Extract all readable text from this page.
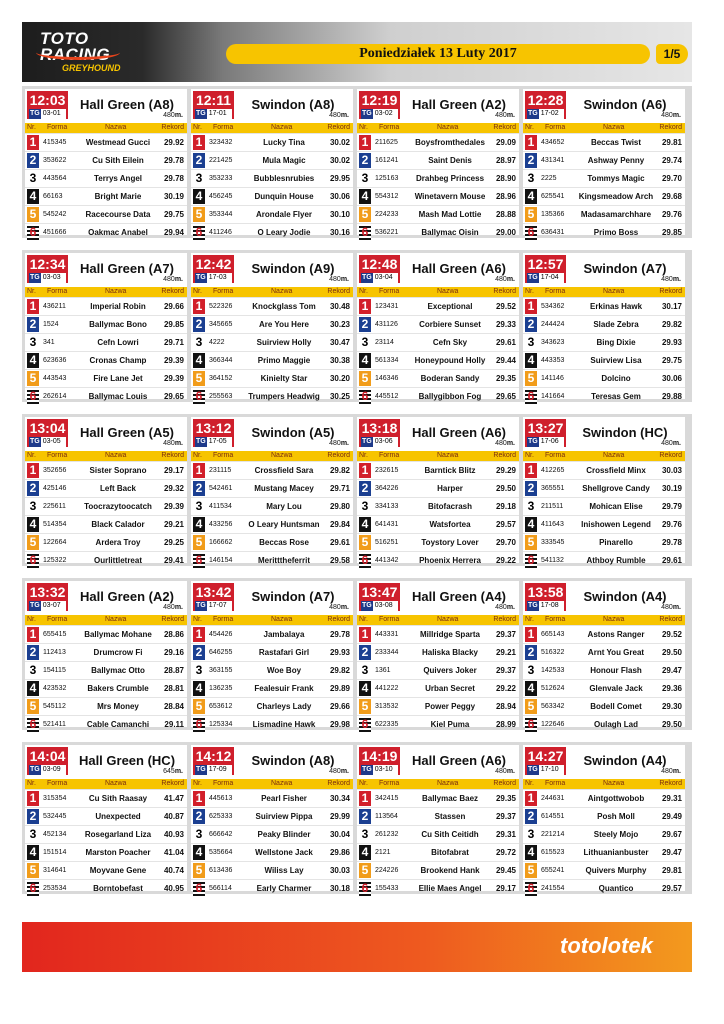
TOTO
RACING
GREYHOUND
Poniedziałek 13 Luty 2017	1/5
12:03
TG 03-01
Hall Green (A8)
480m.
Nr. Forma	Nazwa	Rekord
1 415345	Westmead Gucci	29.92
2 353622	Cu Sith Eilein	29.78
3 443564	Terrys Angel	29.78
4 66163	Bright Marie	30.19
5 545242	Racecourse Data	29.75
6 451666	Oakmac Anabel	29.94
12:11
TG 17-01
Swindon (A8)
480m.
Nr. Forma	Nazwa	Rekord
1 323432	Lucky Tina	30.02
2 221425	Mula Magic	30.02
3 353233	Bubblesnrubies	29.95
4 456245	Dunquin House	30.06
5 353344	Arondale Flyer	30.10
6 411246	O Leary Jodie	30.16
12:19
TG 03-02
Hall Green (A2)
480m.
Nr. Forma	Nazwa	Rekord
1 211625	Boysfromthedales	29.09
2 161241	Saint Denis	28.97
3 125163	Drahbeg Princess	28.90
4 554312	Winetavern Mouse	28.96
5 224233	Mash Mad Lottie	28.88
6 536221	Ballymac Oisin	29.00
12:28
TG 17-02
Swindon (A6)
480m.
Nr. Forma	Nazwa	Rekord
1 434652	Beccas Twist	29.81
2 431341	Ashway Penny	29.74
3 2225	Tommys Magic	29.70
4 625541	Kingsmeadow Arch	29.68
5 135366	Madasamarchhare	29.76
6 636431	Primo Boss	29.85
12:34
TG 03-03
Hall Green (A7)
480m.
Nr. Forma	Nazwa	Rekord
1 436211	Imperial Robin	29.66
2 1524	Ballymac Bono	29.85
3 341	Cefn Lowri	29.71
4 623636	Cronas Champ	29.39
5 443543	Fire Lane Jet	29.39
6 262614	Ballymac Louis	29.65
12:42
TG 17-03
Swindon (A9)
480m.
Nr. Forma	Nazwa	Rekord
1 522326	Knockglass Tom	30.48
2 345665	Are You Here	30.23
3 4222	Suirview Holly	30.47
4 366344	Primo Maggie	30.38
5 364152	Kinielty Star	30.20
6 255563	Trumpers Headwig	30.25
12:48
TG 03-04
Hall Green (A6)
480m.
Nr. Forma	Nazwa	Rekord
1 123431	Exceptional	29.52
2 431126	Corbiere Sunset	29.33
3 23114	Cefn Sky	29.61
4 561334	Honeypound Holly	29.44
5 146346	Boderan Sandy	29.35
6 445512	Ballygibbon Fog	29.65
12:57
TG 17-04
Swindon (A7)
480m.
Nr. Forma	Nazwa	Rekord
1 534362	Erkinas Hawk	30.17
2 244424	Slade Zebra	29.82
3 343623	Bing Dixie	29.93
4 443353	Suirview Lisa	29.75
5 141146	Dolcino	30.06
6 141664	Teresas Gem	29.88
13:04
TG 03-05
Hall Green (A5)
480m.
Nr. Forma	Nazwa	Rekord
1 352656	Sister Soprano	29.17
2 425146	Left Back	29.32
3 225611	Toocrazytoocatch	29.39
4 514354	Black Calador	29.21
5 122664	Ardera Troy	29.25
6 125322	Ourlittletreat	29.41
13:12
TG 17-05
Swindon (A5)
480m.
Nr. Forma	Nazwa	Rekord
1 231115	Crossfield Sara	29.82
2 542461	Mustang Macey	29.71
3 411534	Mary Lou	29.80
4 433256	O Leary Huntsman	29.84
5 166662	Beccas Rose	29.61
6 146154	Meritttheferrit	29.58
13:18
TG 03-06
Hall Green (A6)
480m.
Nr. Forma	Nazwa	Rekord
1 232615	Barntick Blitz	29.29
2 364226	Harper	29.50
3 334133	Bitofacrash	29.18
4 641431	Watsfortea	29.57
5 516251	Toystory Lover	29.70
6 441342	Phoenix Herrera	29.22
13:27
TG 17-06
Swindon (HC)
480m.
Nr. Forma	Nazwa	Rekord
1 412265	Crossfield Minx	30.03
2 365551	Shellgrove Candy	30.19
3 211511	Mohican Elise	29.79
4 411643	Inishowen Legend	29.76
5 333545	Pinarello	29.78
6 541132	Athboy Rumble	29.61
13:32
TG 03-07
Hall Green (A2)
480m.
Nr. Forma	Nazwa	Rekord
1 655415	Ballymac Mohane	28.86
2 112413	Drumcrow Fi	29.16
3 154115	Ballymac Otto	28.87
4 423532	Bakers Crumble	28.81
5 545112	Mrs Money	28.84
6 521411	Cable Camanchi	29.11
13:42
TG 17-07
Swindon (A7)
480m.
Nr. Forma	Nazwa	Rekord
1 454426	Jambalaya	29.78
2 646255	Rastafari Girl	29.93
3 363155	Woe Boy	29.82
4 136235	Fealesuir Frank	29.89
5 653612	Charleys Lady	29.66
6 125334	Lismadine Hawk	29.98
13:47
TG 03-08
Hall Green (A4)
480m.
Nr. Forma	Nazwa	Rekord
1 443331	Millridge Sparta	29.37
2 233344	Haliska Blacky	29.21
3 1361	Quivers Joker	29.37
4 441222	Urban Secret	29.22
5 313532	Power Peggy	28.94
6 622335	Kiel Puma	28.99
13:58
TG 17-08
Swindon (A4)
480m.
Nr. Forma	Nazwa	Rekord
1 665143	Astons Ranger	29.52
2 516322	Arnt You Great	29.50
3 142533	Honour Flash	29.47
4 512624	Glenvale Jack	29.36
5 563342	Bodell Comet	29.30
6 122646	Oulagh Lad	29.50
14:04
TG 03-09
Hall Green (HC)
645m.
Nr. Forma	Nazwa	Rekord
1 315354	Cu Sith Raasay	41.47
2 532445	Unexpected	40.87
3 452134	Rosegarland Liza	40.93
4 151514	Marston Poacher	41.04
5 314641	Moyvane Gene	40.74
6 253534	Borntobefast	40.95
14:12
TG 17-09
Swindon (A8)
480m.
Nr. Forma	Nazwa	Rekord
1 445613	Pearl Fisher	30.34
2 625333	Suirview Pippa	29.99
3 666642	Peaky Blinder	30.04
4 535664	Wellstone Jack	29.86
5 613436	Wiliss Lay	30.03
6 566114	Early Charmer	30.18
14:19
TG 03-10
Hall Green (A6)
480m.
Nr. Forma	Nazwa	Rekord
1 342415	Ballymac Baez	29.35
2 113564	Stassen	29.37
3 261232	Cu Sith Ceitidh	29.31
4 2121	Bitofabrat	29.72
5 224226	Brookend Hank	29.45
6 155433	Ellie Maes Angel	29.17
14:27
TG 17-10
Swindon (A4)
480m.
Nr. Forma	Nazwa	Rekord
1 244631	Aintgottwobob	29.31
2 614551	Posh Moll	29.49
3 221214	Steely Mojo	29.67
4 615523	Lithuanianbuster	29.47
5 655241	Quivers Murphy	29.81
6 241554	Quantico	29.57
totolotek
